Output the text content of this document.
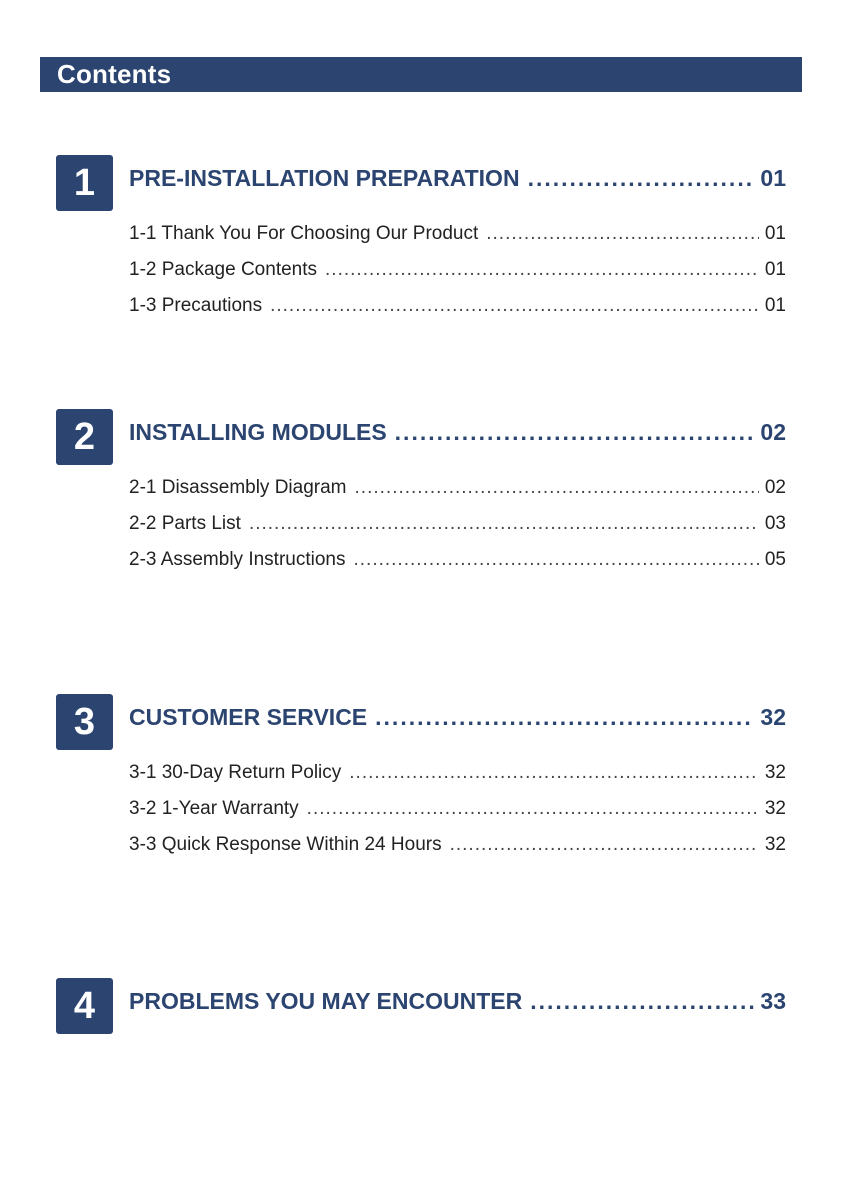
Contents
1	PRE-INSTALLATION PREPARATION .....	01
1-1 Thank You For Choosing Our Product .....	01
1-2 Package Contents .....	01
1-3 Precautions .....	01
2	INSTALLING MODULES .....	02
2-1 Disassembly Diagram .....	02
2-2 Parts List .....	03
2-3 Assembly Instructions .....	05
3	CUSTOMER SERVICE .....	32
3-1 30-Day Return Policy .....	32
3-2 1-Year Warranty .....	32
3-3 Quick Response Within 24 Hours .....	32
4	PROBLEMS YOU MAY ENCOUNTER .....	33
